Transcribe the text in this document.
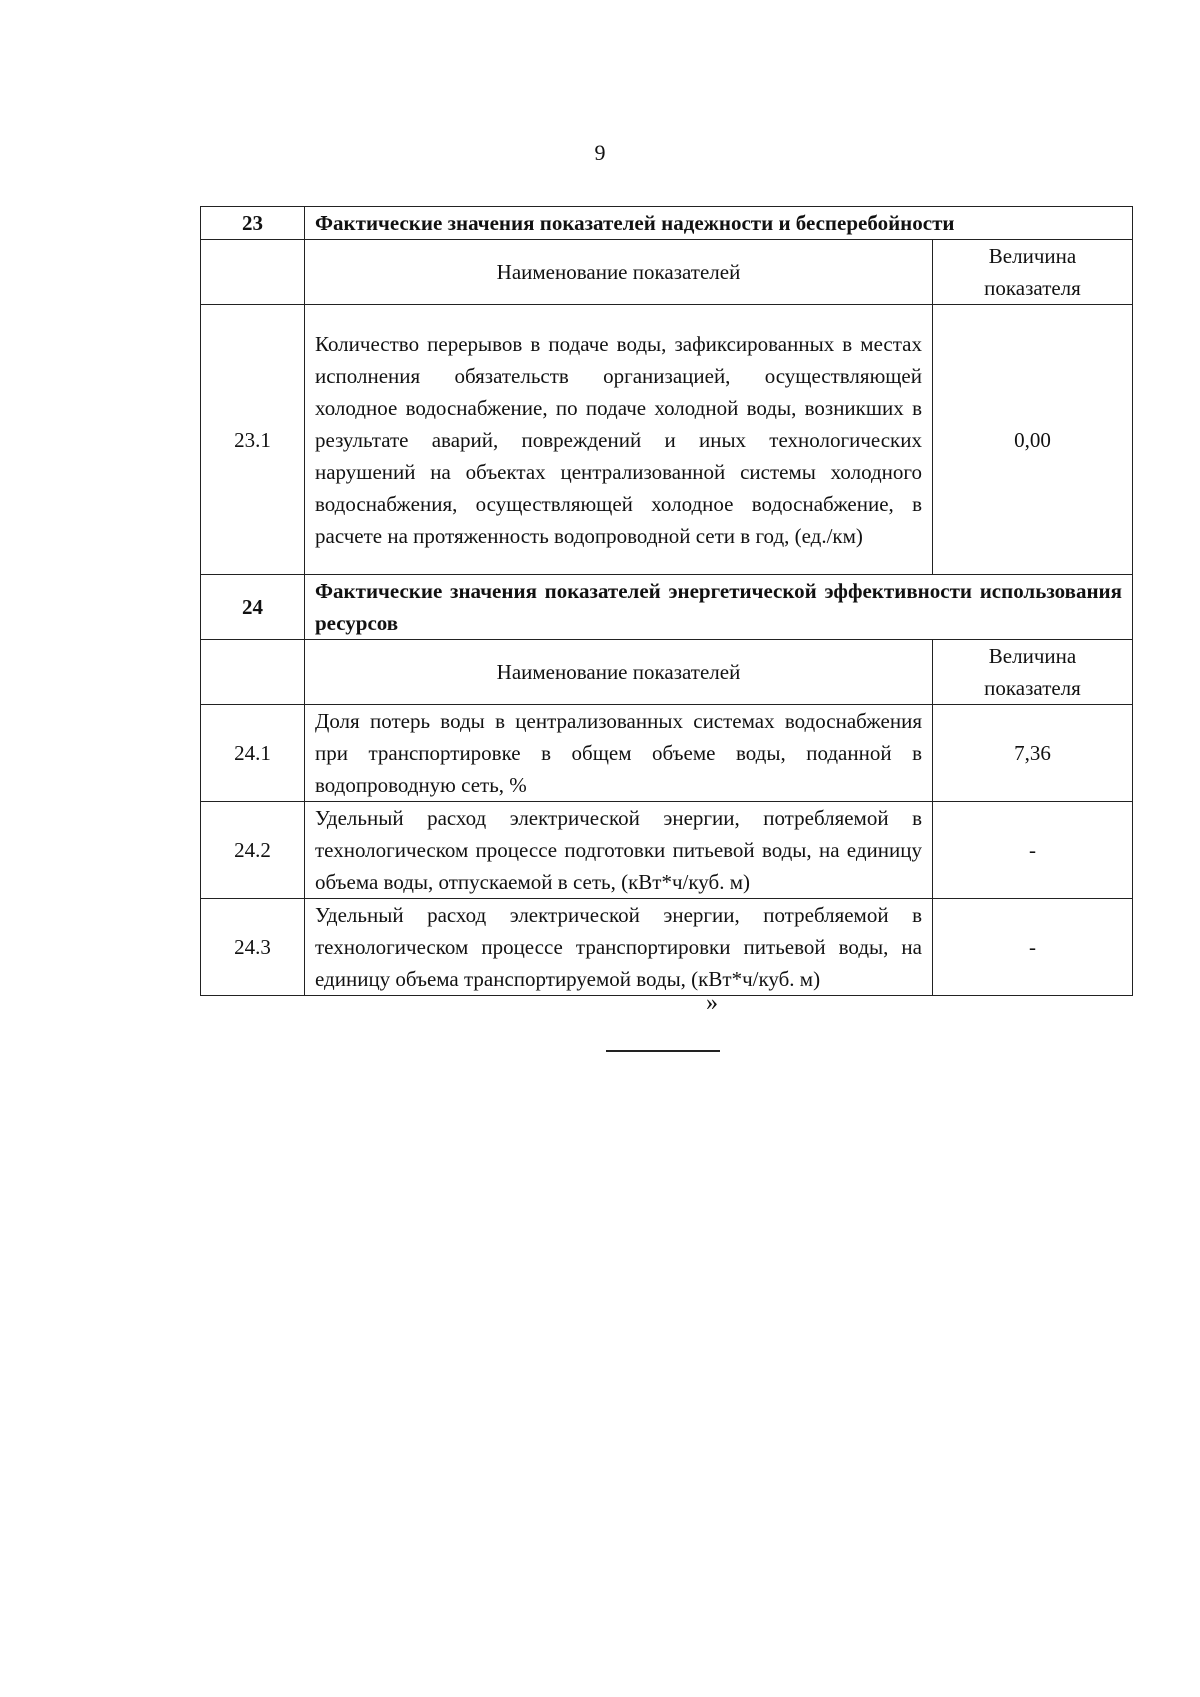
9
23	Фактические значения показателей надежности и бесперебойности	
	Наименование показателей	Величина показателя
23.1	Количество перерывов в подаче воды, зафиксированных в местах исполнения обязательств организацией, осуществляющей холодное водоснабжение, по подаче холодной воды, возникших в результате аварий, повреждений и иных технологических нарушений на объектах централизованной системы холодного водоснабжения, осуществляющей холодное водоснабжение, в расчете на протяженность водопроводной сети в год, (ед./км)	0,00
24	Фактические значения показателей энергетической эффективности использования ресурсов	
	Наименование показателей	Величина показателя
24.1	Доля потерь воды в централизованных системах водоснабжения при транспортировке в общем объеме воды, поданной в водопроводную сеть, %	7,36
24.2	Удельный расход электрической энергии, потребляемой в технологическом процессе подготовки питьевой воды, на единицу объема воды, отпускаемой в сеть, (кВт*ч/куб. м)	-
24.3	Удельный расход электрической энергии, потребляемой в технологическом процессе транспортировки питьевой воды, на единицу объема транспортируемой воды, (кВт*ч/куб. м)	-
»
